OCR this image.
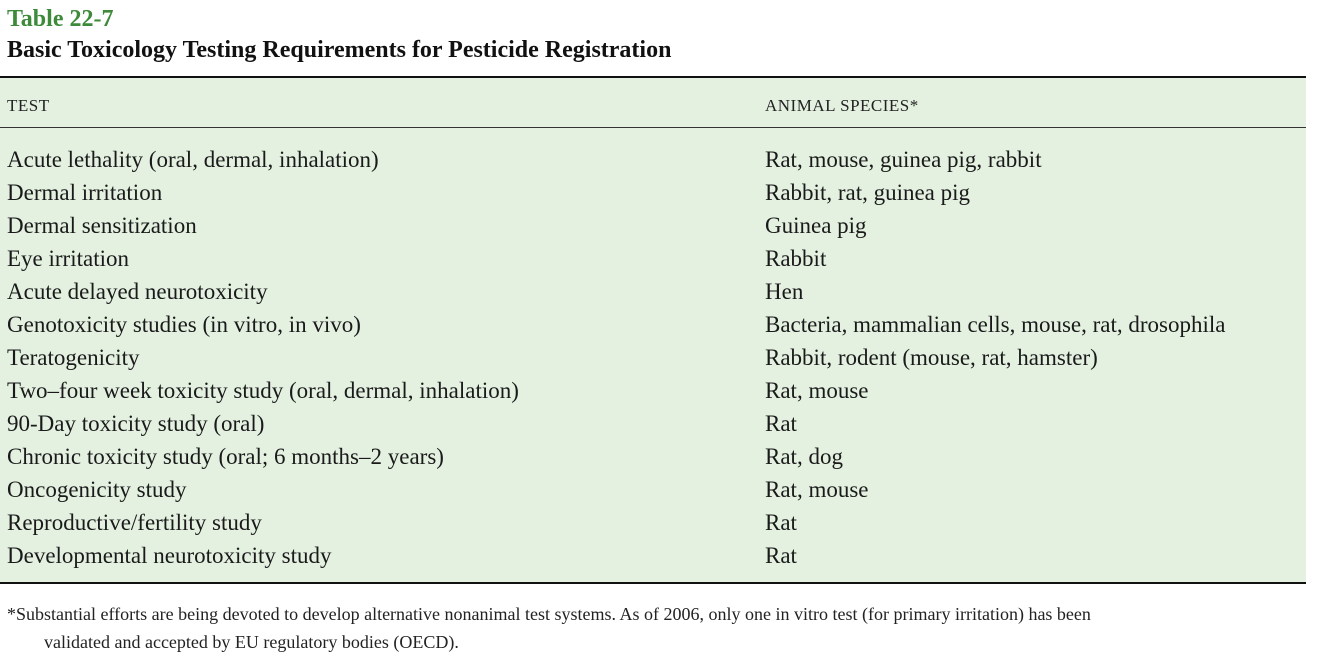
Table 22-7
Basic Toxicology Testing Requirements for Pesticide Registration
TEST	ANIMAL SPECIES*
Acute lethality (oral, dermal, inhalation)	Rat, mouse, guinea pig, rabbit
Dermal irritation	Rabbit, rat, guinea pig
Dermal sensitization	Guinea pig
Eye irritation	Rabbit
Acute delayed neurotoxicity	Hen
Genotoxicity studies (in vitro, in vivo)	Bacteria, mammalian cells, mouse, rat, drosophila
Teratogenicity	Rabbit, rodent (mouse, rat, hamster)
Two–four week toxicity study (oral, dermal, inhalation)	Rat, mouse
90-Day toxicity study (oral)	Rat
Chronic toxicity study (oral; 6 months–2 years)	Rat, dog
Oncogenicity study	Rat, mouse
Reproductive/fertility study	Rat
Developmental neurotoxicity study	Rat
*Substantial efforts are being devoted to develop alternative nonanimal test systems. As of 2006, only one in vitro test (for primary irritation) has been
validated and accepted by EU regulatory bodies (OECD).
